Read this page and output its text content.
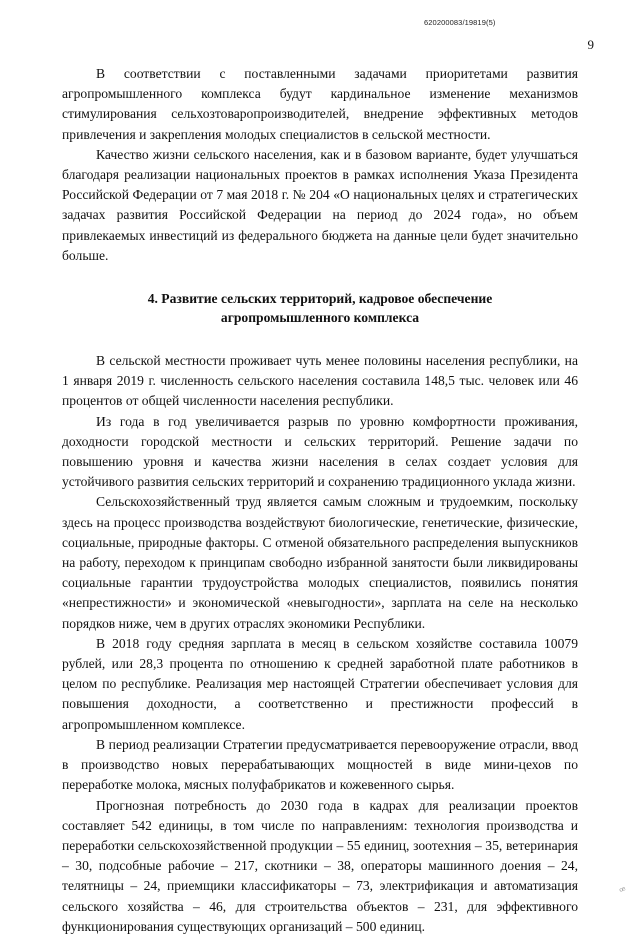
620200083/19819(5)
9

В соответствии с поставленными задачами приоритетами развития агропромышленного комплекса будут кардинальное изменение механизмов стимулирования сельхозтоваропроизводителей, внедрение эффективных методов привлечения и закрепления молодых специалистов в сельской местности.

Качество жизни сельского населения, как и в базовом варианте, будет улучшаться благодаря реализации национальных проектов в рамках исполнения Указа Президента Российской Федерации от 7 мая 2018 г. № 204 «О национальных целях и стратегических задачах развития Российской Федерации на период до 2024 года», но объем привлекаемых инвестиций из федерального бюджета на данные цели будет значительно больше.

4. Развитие сельских территорий, кадровое обеспечение
агропромышленного комплекса

В сельской местности проживает чуть менее половины населения республики, на 1 января 2019 г. численность сельского населения составила 148,5 тыс. человек или 46 процентов от общей численности населения республики.

Из года в год увеличивается разрыв по уровню комфортности проживания, доходности городской местности и сельских территорий. Решение задачи по повышению уровня и качества жизни населения в селах создает условия для устойчивого развития сельских территорий и сохранению традиционного уклада жизни.

Сельскохозяйственный труд является самым сложным и трудоемким, поскольку здесь на процесс производства воздействуют биологические, генетические, физические, социальные, природные факторы. С отменой обязательного распределения выпускников на работу, переходом к принципам свободно избранной занятости были ликвидированы социальные гарантии трудоустройства молодых специалистов, появились понятия «непрестижности» и экономической «невыгодности», зарплата на селе на несколько порядков ниже, чем в других отраслях экономики Республики.

В 2018 году средняя зарплата в месяц в сельском хозяйстве составила 10079 рублей, или 28,3 процента по отношению к средней заработной плате работников в целом по республике. Реализация мер настоящей Стратегии обеспечивает условия для повышения доходности, а соответственно и престижности профессий в агропромышленном комплексе.

В период реализации Стратегии предусматривается перевооружение отрасли, ввод в производство новых перерабатывающих мощностей в виде мини-цехов по переработке молока, мясных полуфабрикатов и кожевенного сырья.

Прогнозная потребность до 2030 года в кадрах для реализации проектов составляет 542 единицы, в том числе по направлениям: технология производства и переработки сельскохозяйственной продукции – 55 единиц, зоотехния – 35, ветеринария – 30, подсобные рабочие – 217, скотники – 38, операторы машинного доения – 24, телятницы – 24, приемщики классификаторы – 73, электрификация и автоматизация сельского хозяйства – 46, для строительства объектов – 231, для эффективного функционирования существующих организаций – 500 единиц.

ꟹ
